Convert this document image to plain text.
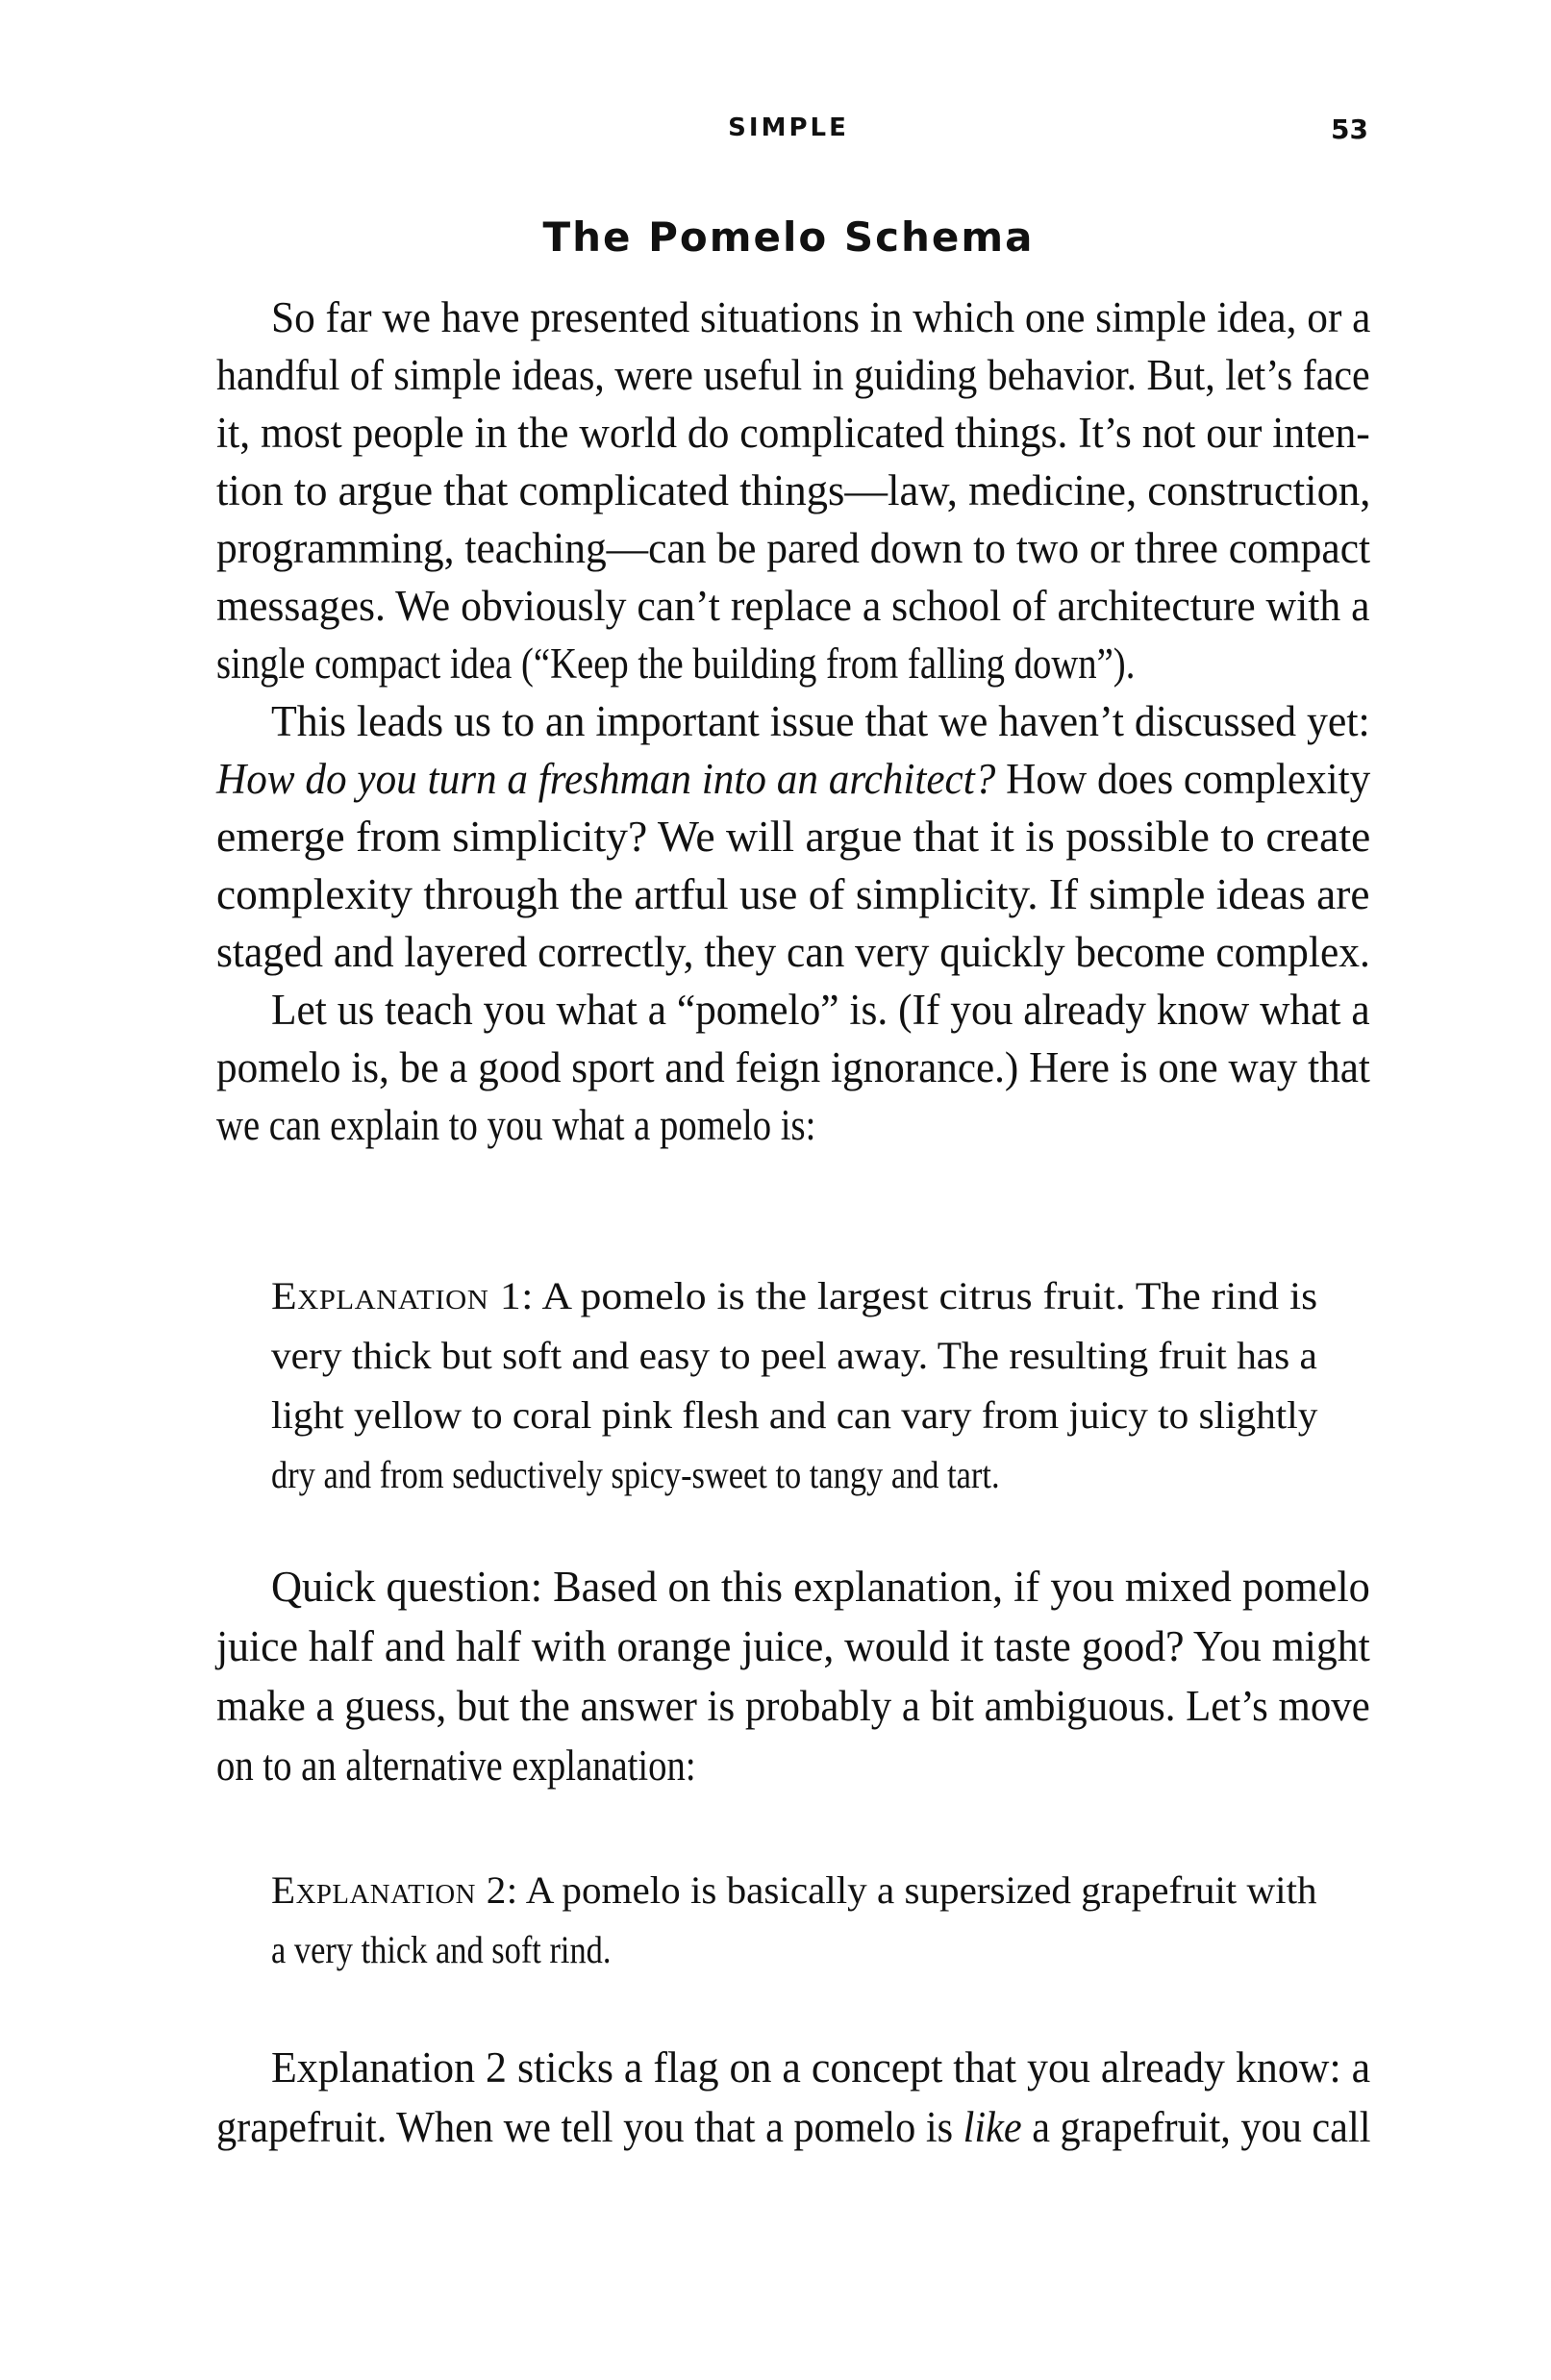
SIMPLE	53
The Pomelo Schema
So far we have presented situations in which one simple idea, or a
handful of simple ideas, were useful in guiding behavior. But, let’s face
it, most people in the world do complicated things. It’s not our inten-
tion to argue that complicated things—law, medicine, construction,
programming, teaching—can be pared down to two or three compact
messages. We obviously can’t replace a school of architecture with a
single compact idea (“Keep the building from falling down”).
This leads us to an important issue that we haven’t discussed yet:
How do you turn a freshman into an architect? How does complexity
emerge from simplicity? We will argue that it is possible to create
complexity through the artful use of simplicity. If simple ideas are
staged and layered correctly, they can very quickly become complex.
Let us teach you what a “pomelo” is. (If you already know what a
pomelo is, be a good sport and feign ignorance.) Here is one way that
we can explain to you what a pomelo is:
Explanation 1: A pomelo is the largest citrus fruit. The rind is
very thick but soft and easy to peel away. The resulting fruit has a
light yellow to coral pink flesh and can vary from juicy to slightly
dry and from seductively spicy-sweet to tangy and tart.
Quick question: Based on this explanation, if you mixed pomelo
juice half and half with orange juice, would it taste good? You might
make a guess, but the answer is probably a bit ambiguous. Let’s move
on to an alternative explanation:
Explanation 2: A pomelo is basically a supersized grapefruit with
a very thick and soft rind.
Explanation 2 sticks a flag on a concept that you already know: a
grapefruit. When we tell you that a pomelo is like a grapefruit, you call
